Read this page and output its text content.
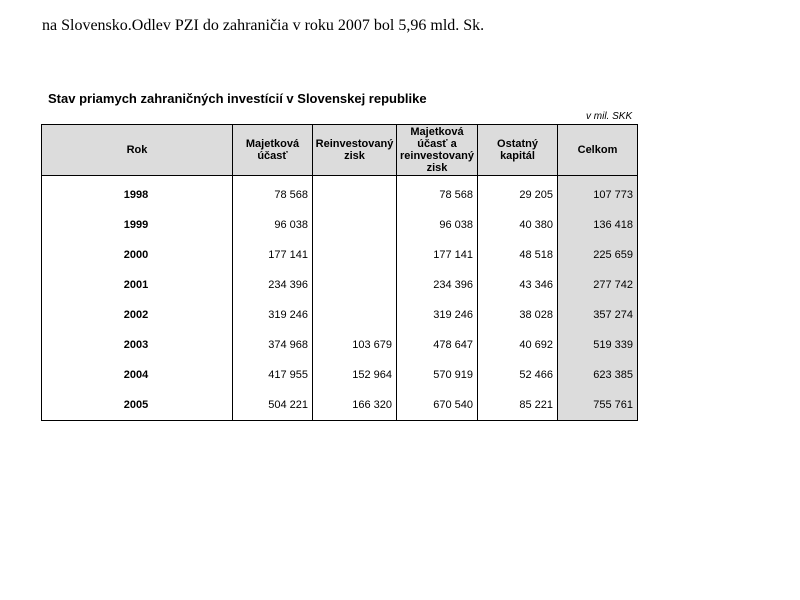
na Slovensko.Odlev PZI do zahraničia v roku 2007 bol 5,96 mld. Sk.
Stav priamych zahraničných investícií v Slovenskej republike
v mil. SKK
Rok	Majetková účasť	Reinvestovaný zisk	Majetková účasť a reinvestovaný zisk	Ostatný kapitál	Celkom
1998	78 568		78 568	29 205	107 773
1999	96 038		96 038	40 380	136 418
2000	177 141		177 141	48 518	225 659
2001	234 396		234 396	43 346	277 742
2002	319 246		319 246	38 028	357 274
2003	374 968	103 679	478 647	40 692	519 339
2004	417 955	152 964	570 919	52 466	623 385
2005	504 221	166 320	670 540	85 221	755 761
